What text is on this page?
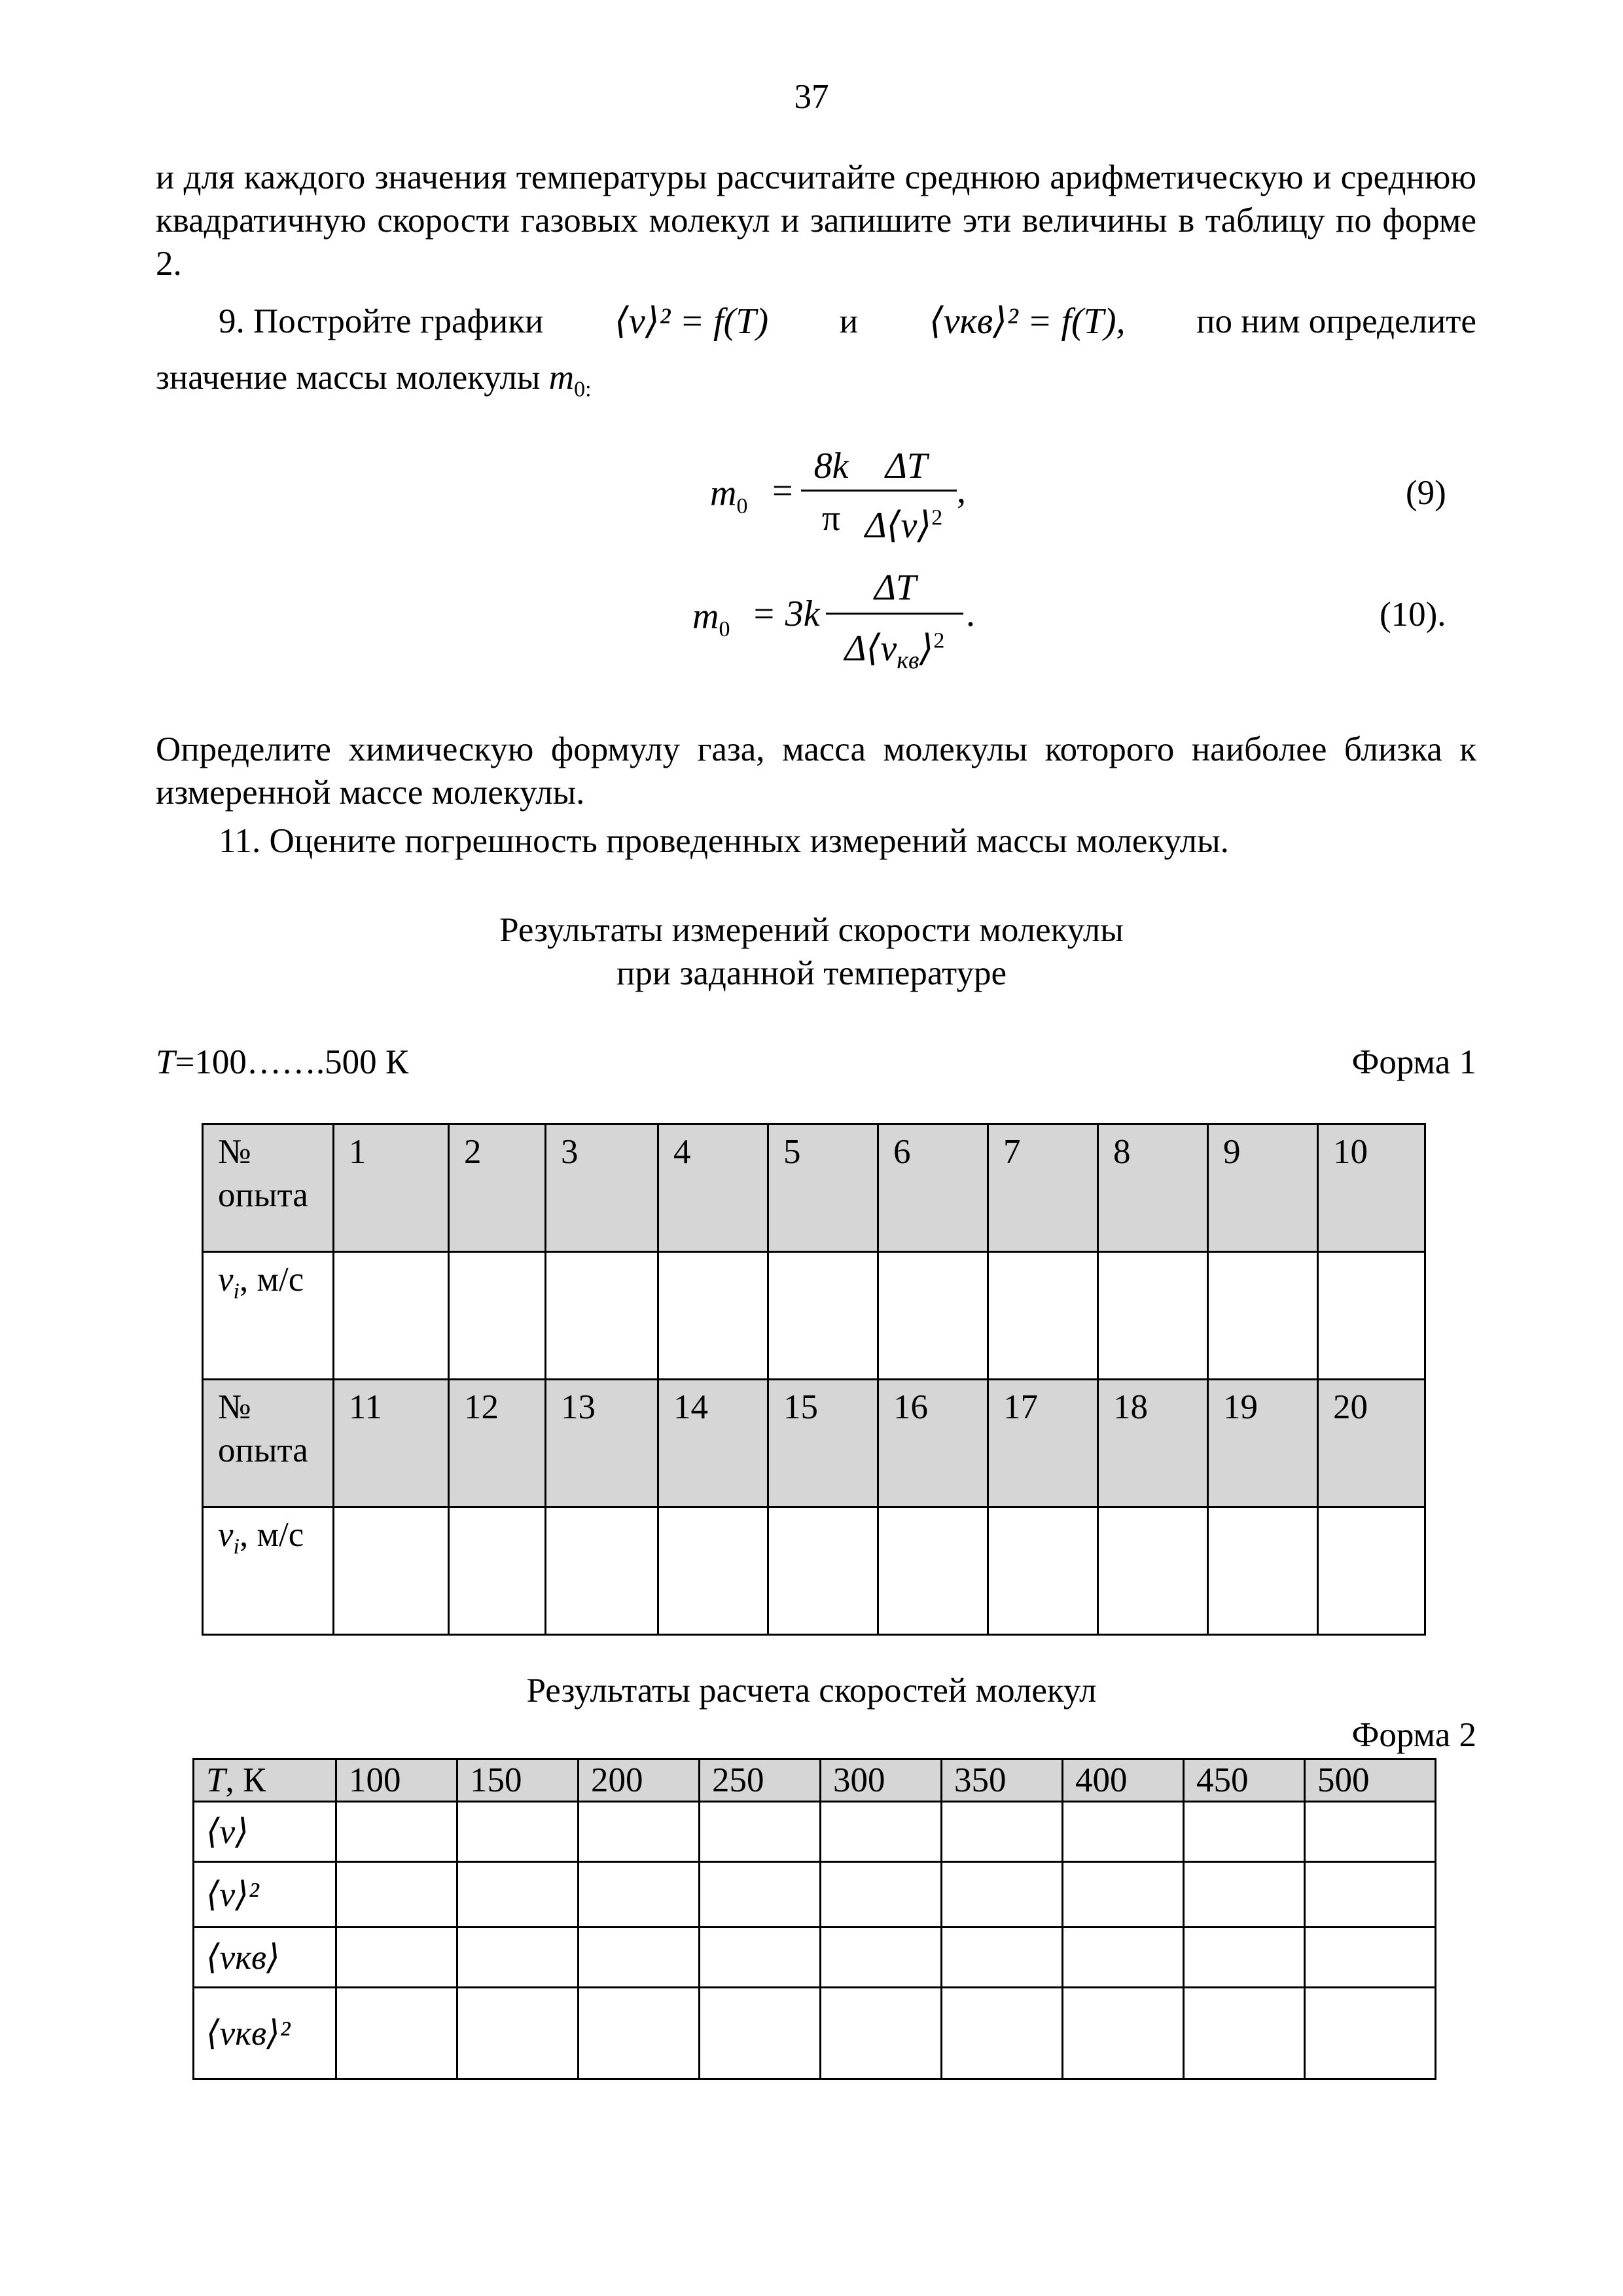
37
и для каждого значения температуры рассчитайте среднюю арифметическую и среднюю квадратичную скорости газовых молекул и запишите эти величины в таблицу по форме 2.
9. Постройте графики ⟨v⟩² = f(T) и ⟨vкв⟩² = f(T), по ним определите
значение массы молекулы $m_{0:}$
$m_0$ =
8k
π
ΔT
Δ⟨v⟩$^2$
,	(9)
$m_0 = 3k$
ΔT
$\Delta⟨v_{кв}⟩^2$
.	(10).
Определите химическую формулу газа, масса молекулы которого наиболее близка к измеренной массе молекулы.
11. Оцените погрешность проведенных измерений массы молекулы.
Результаты измерений скорости молекулы
при заданной температуре
T=100…….500 К	Форма 1
№ опыта	1	2	3	4	5	6	7	8	9	10
$v_i$, м/с										
№ опыта	11	12	13	14	15	16	17	18	19	20
$v_i$, м/с										
Результаты расчета скоростей молекул
Форма 2
T, К	100	150	200	250	300	350	400	450	500
⟨v⟩									
⟨v⟩²									
⟨vкв⟩									
⟨vкв⟩²									
